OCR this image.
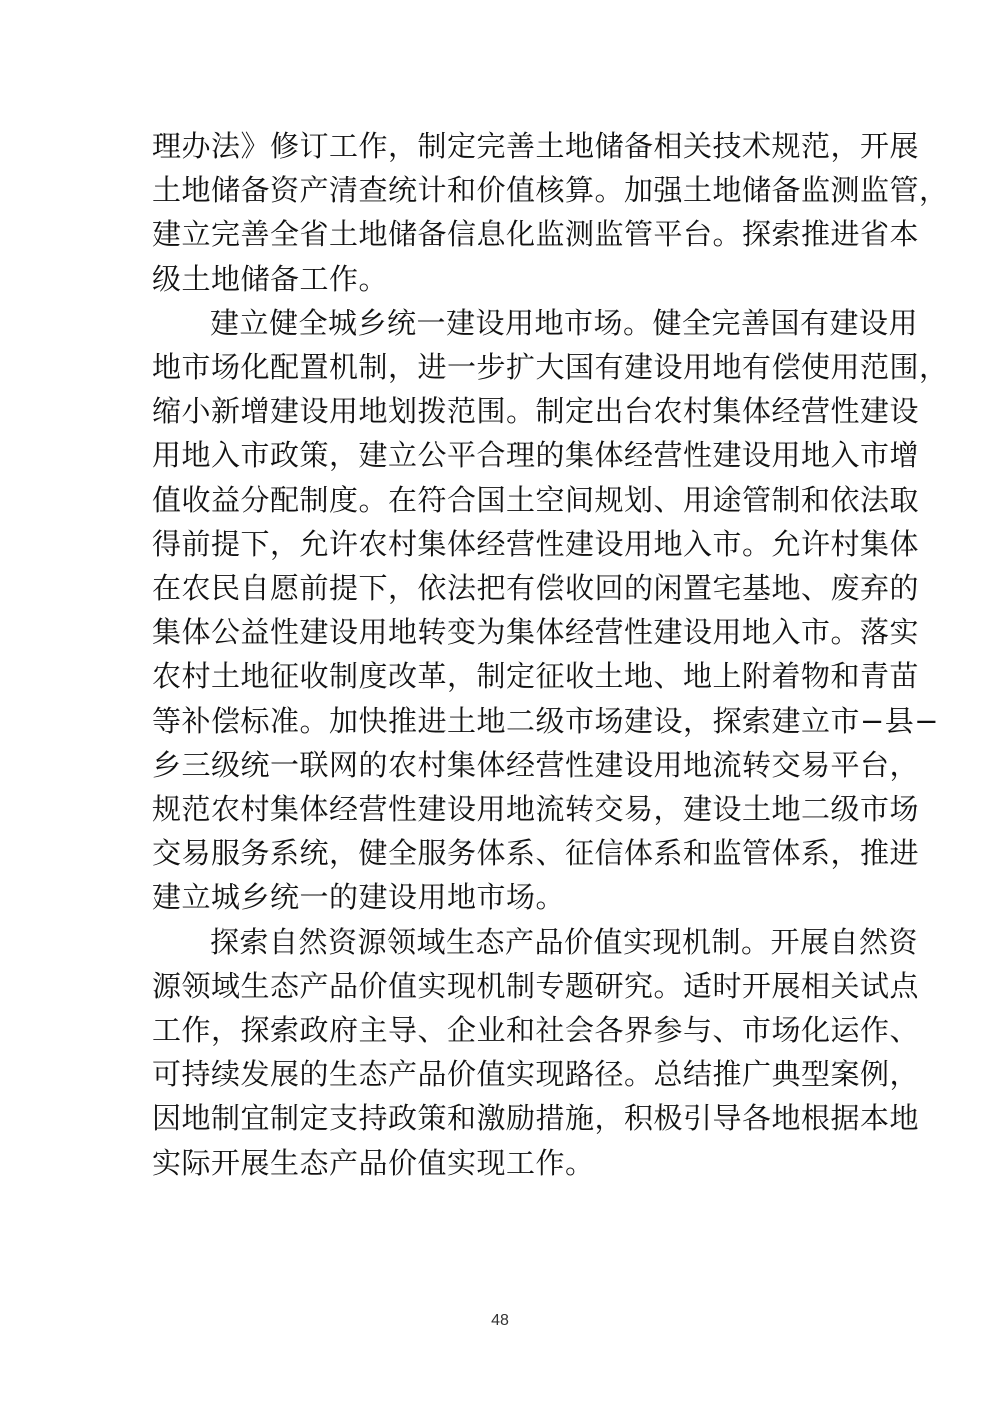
理办法》修订工作，制定完善土地储备相关技术规范，开展
土地储备资产清查统计和价值核算。加强土地储备监测监管，
建立完善全省土地储备信息化监测监管平台。探索推进省本
级土地储备工作。
建立健全城乡统一建设用地市场。健全完善国有建设用
地市场化配置机制，进一步扩大国有建设用地有偿使用范围，
缩小新增建设用地划拨范围。制定出台农村集体经营性建设
用地入市政策，建立公平合理的集体经营性建设用地入市增
值收益分配制度。在符合国土空间规划、用途管制和依法取
得前提下，允许农村集体经营性建设用地入市。允许村集体
在农民自愿前提下，依法把有偿收回的闲置宅基地、废弃的
集体公益性建设用地转变为集体经营性建设用地入市。落实
农村土地征收制度改革，制定征收土地、地上附着物和青苗
等补偿标准。加快推进土地二级市场建设，探索建立市−县−
乡三级统一联网的农村集体经营性建设用地流转交易平台，
规范农村集体经营性建设用地流转交易，建设土地二级市场
交易服务系统，健全服务体系、征信体系和监管体系，推进
建立城乡统一的建设用地市场。
探索自然资源领域生态产品价值实现机制。开展自然资
源领域生态产品价值实现机制专题研究。适时开展相关试点
工作，探索政府主导、企业和社会各界参与、市场化运作、
可持续发展的生态产品价值实现路径。总结推广典型案例，
因地制宜制定支持政策和激励措施，积极引导各地根据本地
实际开展生态产品价值实现工作。
48
